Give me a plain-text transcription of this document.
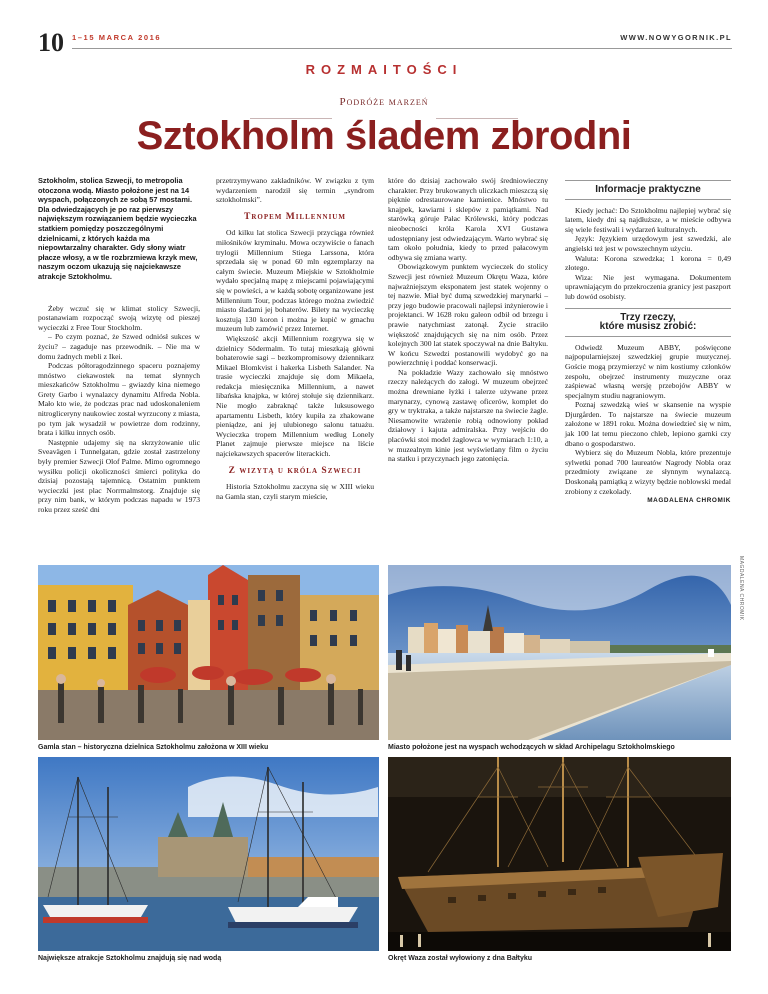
10 1–15 MARCA 2016	WWW.NOWYGORNIK.PL
ROZMAITOŚCI
Podróże marzeń
Sztokholm śladem zbrodni

Sztokholm, stolica Szwecji, to metropolia otoczona wodą. Miasto położone jest na 14 wyspach, połączonych ze sobą 57 mostami. Dla odwiedzających je po raz pierwszy największym rozwiązaniem będzie wycieczka statkiem pomiędzy poszczególnymi dzielnicami, z których każda ma niepowtarzalny charakter. Gdy słony wiatr płacze włosy, a w tle rozbrzmiewa krzyk mew, naszym oczom ukazują się najciekawsze atrakcje Sztokholmu.

Żeby wczuć się w klimat stolicy Szwecji, postanawiam rozpocząć swoją wizytę od pieszej wycieczki z Free Tour Stockholm.

– Po czym poznać, że Szwed odniósł sukces w życiu? – zagaduje nas przewodnik. – Nie ma w domu żadnych mebli z Ikei.

Podczas półtoragodzinnego spaceru poznajemy mnóstwo ciekawostek na temat słynnych mieszkańców Sztokholmu – gwiazdy kina niemego Grety Garbo i wynalazcy dynamitu Alfreda Nobla. Mało kto wie, że podczas prac nad udoskonaleniem nitrogliceryny naukowiec został wyrzucony z miasta, po tym jak wysadził w powietrze dom rodzinny, brata i kilku innych osób.

Następnie udajemy się na skrzyżowanie ulic Sveavägen i Tunnelgatan, gdzie został zastrzelony były premier Szwecji Olof Palme. Mimo ogromnego wysiłku policji okoliczności śmierci polityka do dzisiaj pozostają tajemnicą. Ostatnim punktem wycieczki jest plac Norrmalmstorg. Znajduje się przy nim bank, w którym podczas napadu w 1973 roku przez sześć dni

przetrzymywano zakładników. W związku z tym wydarzeniem narodził się termin „syndrom sztokholmski”.

Tropem Millennium

Od kilku lat stolica Szwecji przyciąga również miłośników kryminału. Mowa oczywiście o fanach trylogii Millennium Stiega Larssona, która sprzedała się w ponad 60 mln egzemplarzy na całym świecie. Muzeum Miejskie w Sztokholmie wydało specjalną mapę z miejscami pojawiającymi się w powieści, a w każdą sobotę organizowane jest Millennium Tour, podczas którego można zwiedzić miasto śladami jej bohaterów. Bilety na wycieczkę kosztują 130 koron i można je kupić w gmachu muzeum lub zamówić przez Internet.

Większość akcji Millennium rozgrywa się w dzielnicy Södermalm. To tutaj mieszkają główni bohaterowie sagi – bezkompromisowy dziennikarz Mikael Blomkvist i hakerka Lisbeth Salander. Na trasie wycieczki znajduje się dom Mikaela, redakcja miesięcznika Millennium, a nawet libańska knajpka, w której stołuje się dziennikarz. Nie mogło zabraknąć także luksusowego apartamentu Lisbeth, który kupiła za zhakowane pieniądze, ani jej ulubionego salonu tatuażu. Wycieczka tropem Millennium według Lonely Planet zajmuje pierwsze miejsce na liście najciekawszych spacerów literackich.

Z wizytą u króla Szwecji

Historia Sztokholmu zaczyna się w XIII wieku na Gamla stan, czyli starym mieście,

które do dzisiaj zachowało swój średniowieczny charakter. Przy brukowanych uliczkach mieszczą się pięknie odrestaurowane kamienice. Mnóstwo tu knajpek, kawiarni i sklepów z pamiątkami. Nad starówką góruje Pałac Królewski, który podczas nieobecności króla Karola XVI Gustawa udostępniany jest odwiedzającym. Warto wybrać się tam około południa, kiedy to przed pałacowym odbywa się zmiana warty.

Obowiązkowym punktem wycieczek do stolicy Szwecji jest również Muzeum Okrętu Waza, które najważniejszym eksponatem jest statek wojenny o tej nazwie. Miał być dumą szwedzkiej marynarki – przy jego budowie pracowali najlepsi inżynierowie i projektanci. W 1628 roku galeon odbił od brzegu i prawie natychmiast zatonął. Życie straciło większość znajdujących się na nim osób. Przez kolejnych 300 lat statek spoczywał na dnie Bałtyku. W końcu Szwedzi postanowili wydobyć go na powierzchnię i poddać konserwacji.

Na pokładzie Wazy zachowało się mnóstwo rzeczy należących do załogi. W muzeum obejrzeć można drewniane łyżki i talerze używane przez marynarzy, cynową zastawę oficerów, komplet do gry w tryktraka, a także najstarsze na świecie żagle. Niesamowite wrażenie robią odnowiony pokład działowy i kajuta admiralska. Przy wejściu do placówki stoi model żaglowca w wymiarach 1:10, a w muzealnym kinie jest wyświetlany film o życiu na statku i przyczynach jego zatonięcia.

Informacje praktyczne

Kiedy jechać: Do Sztokholmu najlepiej wybrać się latem, kiedy dni są najdłuższe, a w mieście odbywa się wiele festiwali i wydarzeń kulturalnych.

Język: Językiem urzędowym jest szwedzki, ale angielski też jest w powszechnym użyciu.

Waluta: Korona szwedzka; 1 korona = 0,49 złotego.

Wiza: Nie jest wymagana. Dokumentem uprawniającym do przekroczenia granicy jest paszport lub dowód osobisty.

Trzy rzeczy,
które musisz zrobić:

Odwiedź Muzeum ABBY, poświęcone najpopularniejszej szwedzkiej grupie muzycznej. Goście mogą przymierzyć w nim kostiumy członków zespołu, obejrzeć instrumenty muzyczne oraz zaśpiewać własną wersję przebojów ABBY w specjalnym studiu nagraniowym.

Poznaj szwedzką wieś w skansenie na wyspie Djurgården. To najstarsze na świecie muzeum założone w 1891 roku. Można dowiedzieć się w nim, jak 100 lat temu pieczono chleb, lepiono garnki czy dbano o gospodarstwo.

Wybierz się do Muzeum Nobla, które prezentuje sylwetki ponad 700 laureatów Nagrody Nobla oraz przedmioty związane ze słynnym wynalazcą. Doskonałą pamiątką z wizyty będzie noblowski medal zrobiony z czekolady.

MAGDALENA CHROMIK
MAGDALENA CHROMIK
Gamla stan – historyczna dzielnica Sztokholmu założona w XIII wieku	Miasto położone jest na wyspach wchodzących w skład Archipelagu Sztokholmskiego
Największe atrakcje Sztokholmu znajdują się nad wodą	Okręt Waza został wyłowiony z dna Bałtyku
